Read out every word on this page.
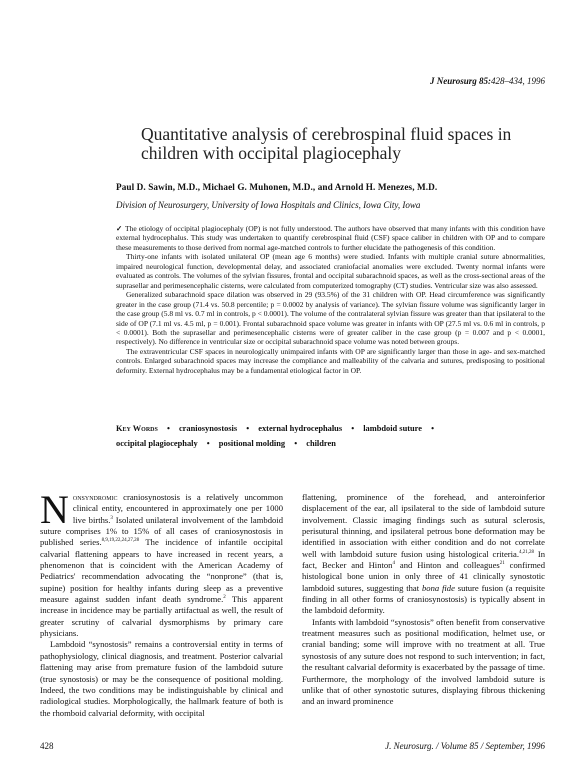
J Neurosurg 85:428–434, 1996
Quantitative analysis of cerebrospinal fluid spaces in children with occipital plagiocephaly
Paul D. Sawin, M.D., Michael G. Muhonen, M.D., and Arnold H. Menezes, M.D.
Division of Neurosurgery, University of Iowa Hospitals and Clinics, Iowa City, Iowa

✓ The etiology of occipital plagiocephaly (OP) is not fully understood. The authors have observed that many infants with this condition have external hydrocephalus. This study was undertaken to quantify cerebrospinal fluid (CSF) space caliber in children with OP and to compare these measurements to those derived from normal age-matched controls to further elucidate the pathogenesis of this condition.

Thirty-one infants with isolated unilateral OP (mean age 6 months) were studied. Infants with multiple cranial suture abnormalities, impaired neurological function, developmental delay, and associated craniofacial anomalies were excluded. Twenty normal infants were evaluated as controls. The volumes of the sylvian fissures, frontal and occipital subarachnoid spaces, as well as the cross-sectional areas of the suprasellar and perimesencephalic cisterns, were calculated from computerized tomography (CT) studies. Ventricular size was also assessed.

Generalized subarachnoid space dilation was observed in 29 (93.5%) of the 31 children with OP. Head circumference was significantly greater in the case group (71.4 vs. 50.8 percentile; p = 0.0002 by analysis of variance). The sylvian fissure volume was significantly larger in the case group (5.8 ml vs. 0.7 ml in controls, p < 0.0001). The volume of the contralateral sylvian fissure was greater than that ipsilateral to the side of OP (7.1 ml vs. 4.5 ml, p = 0.001). Frontal subarachnoid space volume was greater in infants with OP (27.5 ml vs. 0.6 ml in controls, p < 0.0001). Both the suprasellar and perimesencephalic cisterns were of greater caliber in the case group (p = 0.007 and p < 0.0001, respectively). No difference in ventricular size or occipital subarachnoid space volume was noted between groups.

The extraventricular CSF spaces in neurologically unimpaired infants with OP are significantly larger than those in age- and sex-matched controls. Enlarged subarachnoid spaces may increase the compliance and malleability of the calvaria and sutures, predisposing to positional deformity. External hydrocephalus may be a fundamental etiological factor in OP.

Key Words • craniosynostosis • external hydrocephalus • lambdoid suture •
occipital plagiocephaly • positional molding • children

Nonsyndromic craniosynostosis is a relatively uncommon clinical entity, encountered in approximately one per 1000 live births.$^3$ Isolated unilateral involvement of the lambdoid suture comprises 1% to 15% of all cases of craniosynostosis in published series.$^{8,9,19,22,24,27,28}$ The incidence of infantile occipital calvarial flattening appears to have increased in recent years, a phenomenon that is coincident with the American Academy of Pediatrics' recommendation advocating the “nonprone” (that is, supine) position for healthy infants during sleep as a preventive measure against sudden infant death syndrome.$^2$ This apparent increase in incidence may be partially artifactual as well, the result of greater scrutiny of calvarial dysmorphisms by primary care physicians.

Lambdoid “synostosis” remains a controversial entity in terms of pathophysiology, clinical diagnosis, and treatment. Posterior calvarial flattening may arise from premature fusion of the lambdoid suture (true synostosis) or may be the consequence of positional molding. Indeed, the two conditions may be indistinguishable by clinical and radiological studies. Morphologically, the hallmark feature of both is the rhomboid calvarial deformity, with occipital

flattening, prominence of the forehead, and anteroinferior displacement of the ear, all ipsilateral to the side of lambdoid suture involvement. Classic imaging findings such as sutural sclerosis, perisutural thinning, and ipsilateral petrous bone deformation may be identified in association with either condition and do not correlate well with lambdoid suture fusion using histological criteria.$^{4,21,28}$ In fact, Becker and Hinton$^4$ and Hinton and colleagues$^{21}$ confirmed histological bone union in only three of 41 clinically synostotic lambdoid sutures, suggesting that bona fide suture fusion (a requisite finding in all other forms of craniosynostosis) is typically absent in the lambdoid deformity.

Infants with lambdoid “synostosis” often benefit from conservative treatment measures such as positional modification, helmet use, or cranial banding; some will improve with no treatment at all. True synostosis of any suture does not respond to such intervention; in fact, the resultant calvarial deformity is exacerbated by the passage of time. Furthermore, the morphology of the involved lambdoid suture is unlike that of other synostotic sutures, displaying fibrous thickening and an inward prominence

428	J. Neurosurg. / Volume 85 / September, 1996
